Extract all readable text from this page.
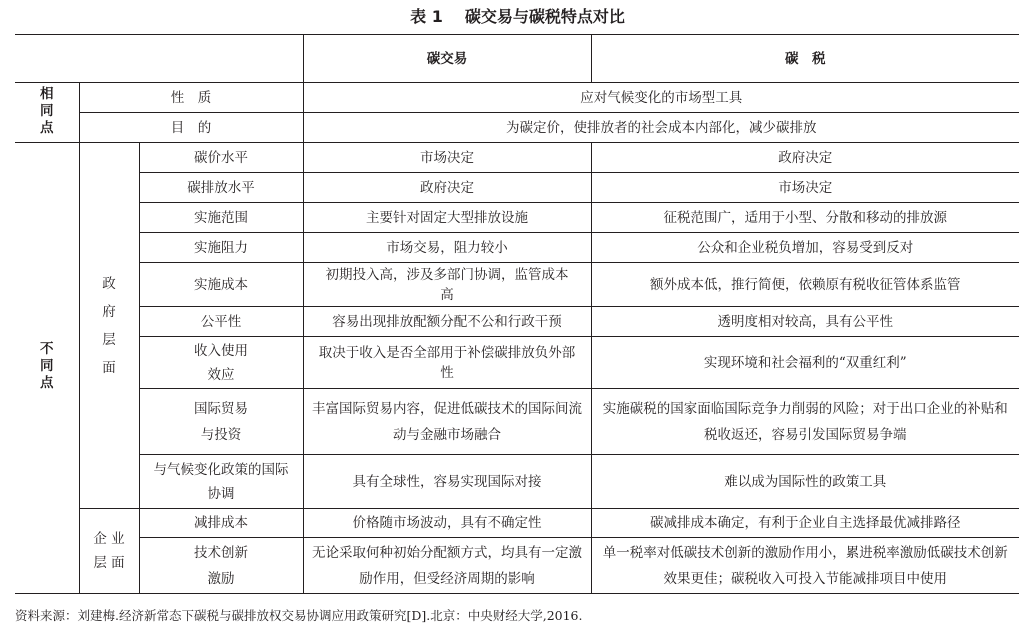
表 1 碳交易与碳税特点对比
			碳交易	碳　税
相
同
点	性　质		应对气候变化的市场型工具	
	目　的		为碳定价，使排放者的社会成本内部化，减少碳排放	
不
同
点	政
府
层
面	碳价水平	市场决定	政府决定
		碳排放水平	政府决定	市场决定
		实施范围	主要针对固定大型排放设施	征税范围广，适用于小型、分散和移动的排放源
		实施阻力	市场交易，阻力较小	公众和企业税负增加，容易受到反对
		实施成本	初期投入高，涉及多部门协调，监管成本高	额外成本低，推行简便，依赖原有税收征管体系监管
		公平性	容易出现排放配额分配不公和行政干预	透明度相对较高，具有公平性
		收入使用
效应	取决于收入是否全部用于补偿碳排放负外部性	实现环境和社会福利的“双重红利”
		国际贸易
与投资	丰富国际贸易内容，促进低碳技术的国际间流动与金融市场融合	实施碳税的国家面临国际竞争力削弱的风险；对于出口企业的补贴和税收返还，容易引发国际贸易争端
		与气候变化政策的国际协调	具有全球性，容易实现国际对接	难以成为国际性的政策工具
	企 业
层 面	减排成本	价格随市场波动，具有不确定性	碳减排成本确定，有利于企业自主选择最优减排路径
		技术创新
激励	无论采取何种初始分配额方式，均具有一定激励作用，但受经济周期的影响	单一税率对低碳技术创新的激励作用小，累进税率激励低碳技术创新效果更佳；碳税收入可投入节能减排项目中使用
资料来源：刘建梅.经济新常态下碳税与碳排放权交易协调应用政策研究[D].北京：中央财经大学,2016.
